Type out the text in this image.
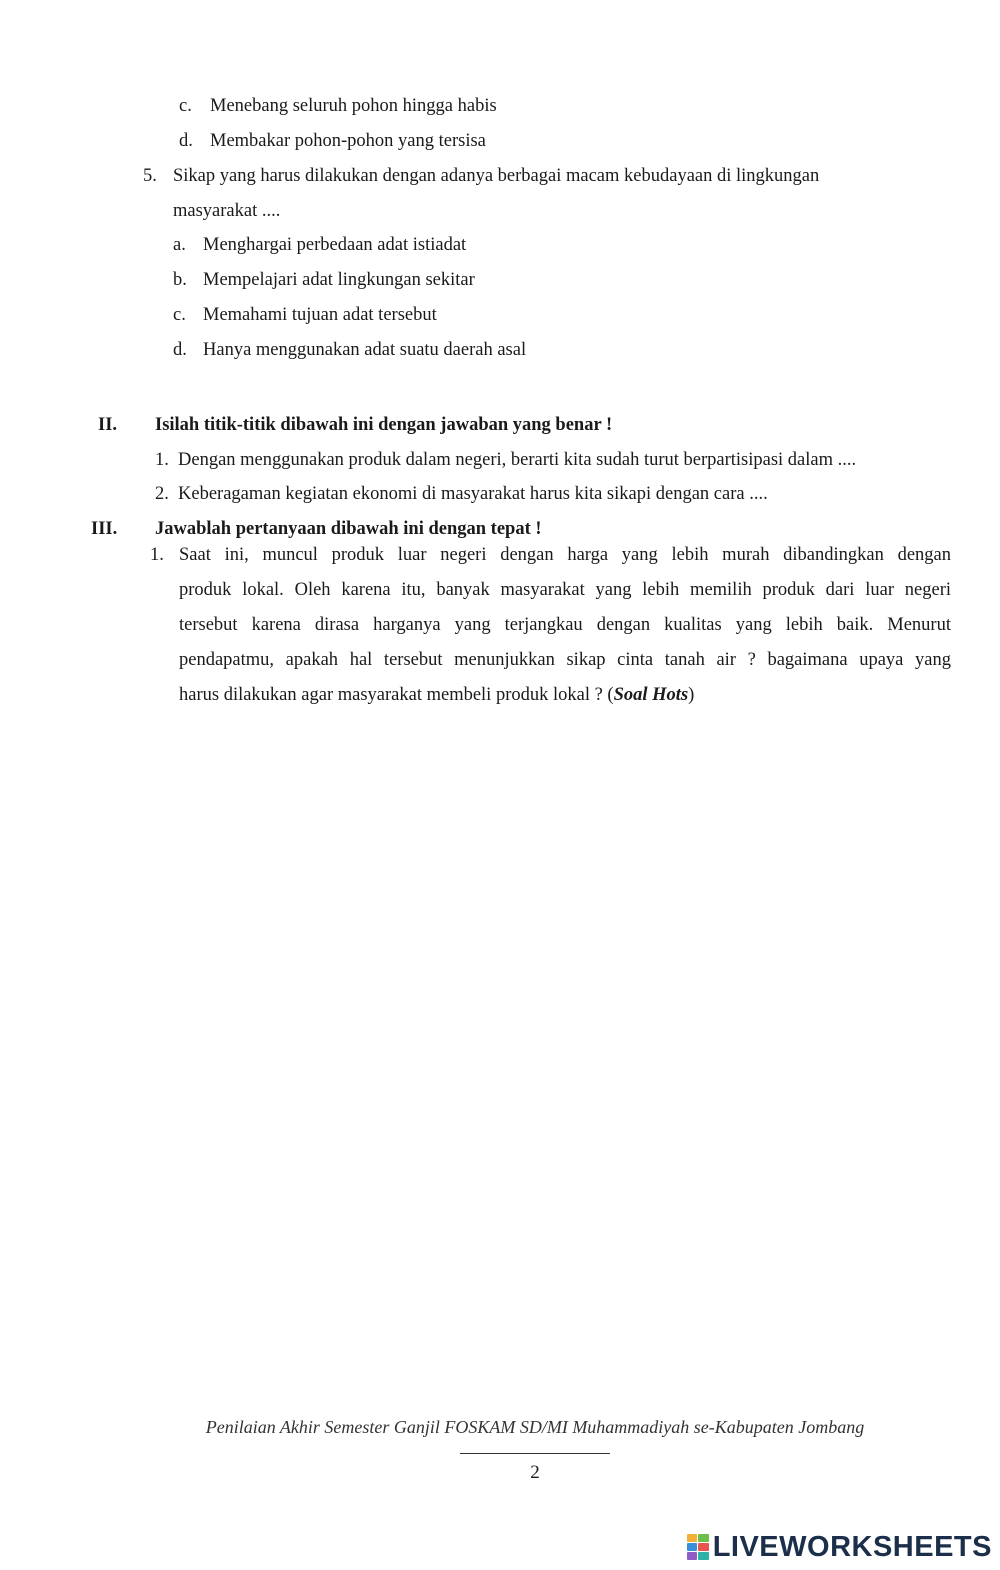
c. Menebang seluruh pohon hingga habis
d. Membakar pohon-pohon yang tersisa
5. Sikap yang harus dilakukan dengan adanya berbagai macam kebudayaan di lingkungan
masyarakat ....
a. Menghargai perbedaan adat istiadat
b. Mempelajari adat lingkungan sekitar
c. Memahami tujuan adat tersebut
d. Hanya menggunakan adat suatu daerah asal
II. Isilah titik-titik dibawah ini dengan jawaban yang benar !
1. Dengan menggunakan produk dalam negeri, berarti kita sudah turut berpartisipasi dalam ....
2. Keberagaman kegiatan ekonomi di masyarakat harus kita sikapi dengan cara ....
III. Jawablah pertanyaan dibawah ini dengan tepat !
1. Saat ini, muncul produk luar negeri dengan harga yang lebih murah dibandingkan dengan
produk lokal. Oleh karena itu, banyak masyarakat yang lebih memilih produk dari luar negeri
tersebut karena dirasa harganya yang terjangkau dengan kualitas yang lebih baik. Menurut
pendapatmu, apakah hal tersebut menunjukkan sikap cinta tanah air ? bagaimana upaya yang
harus dilakukan agar masyarakat membeli produk lokal ? (Soal Hots)
Penilaian Akhir Semester Ganjil FOSKAM SD/MI Muhammadiyah se-Kabupaten Jombang
2
LIVEWORKSHEETS
